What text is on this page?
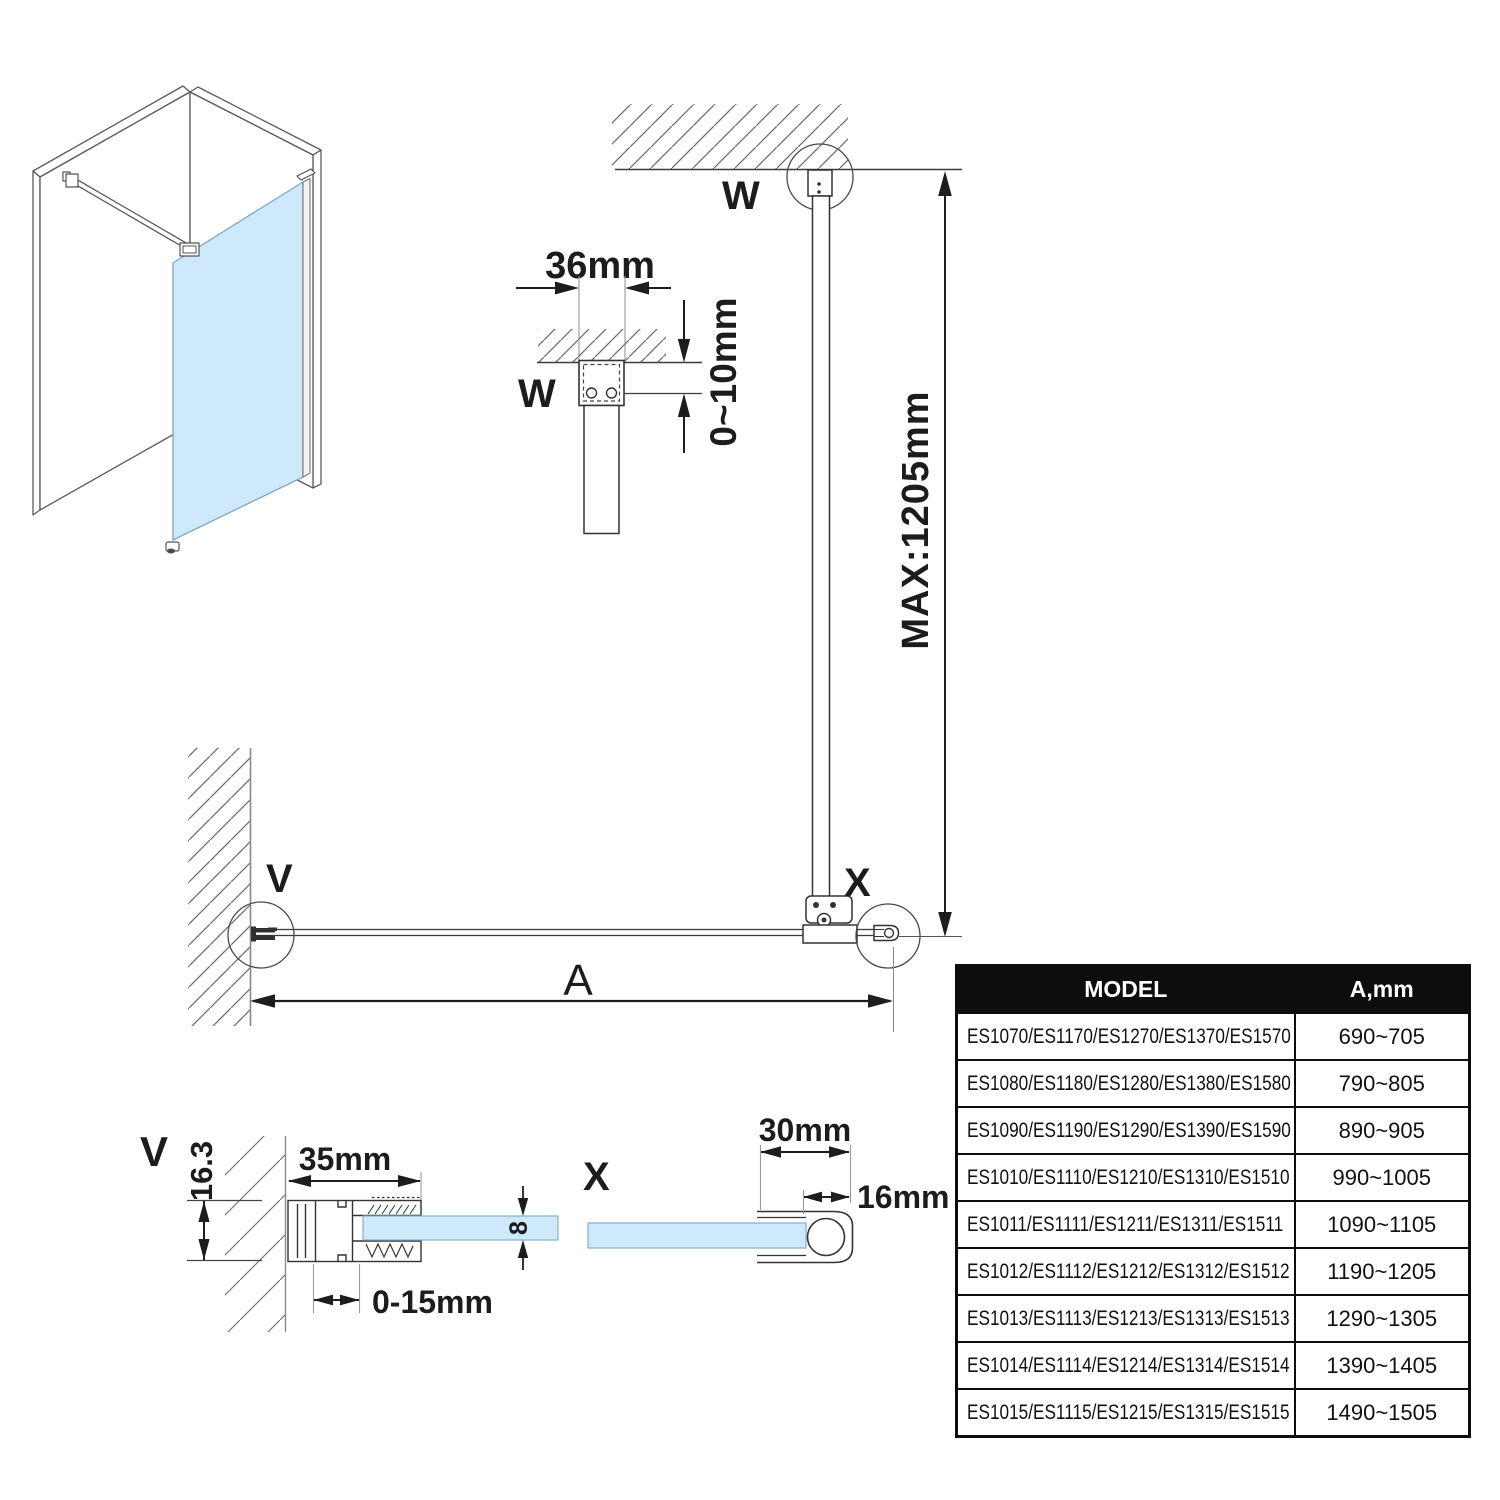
W
V	X
MAX:1205mm
A
36mm
0~10mm
W
V 16.3 35mm
8
0-15mm
X
30mm
16mm
MODEL	A,mm
ES1070/ES1170/ES1270/ES1370/ES1570	690~705
ES1080/ES1180/ES1280/ES1380/ES1580	790~805
ES1090/ES1190/ES1290/ES1390/ES1590	890~905
ES1010/ES1110/ES1210/ES1310/ES1510	990~1005
ES1011/ES1111/ES1211/ES1311/ES1511	1090~1105
ES1012/ES1112/ES1212/ES1312/ES1512	1190~1205
ES1013/ES1113/ES1213/ES1313/ES1513	1290~1305
ES1014/ES1114/ES1214/ES1314/ES1514	1390~1405
ES1015/ES1115/ES1215/ES1315/ES1515	1490~1505
